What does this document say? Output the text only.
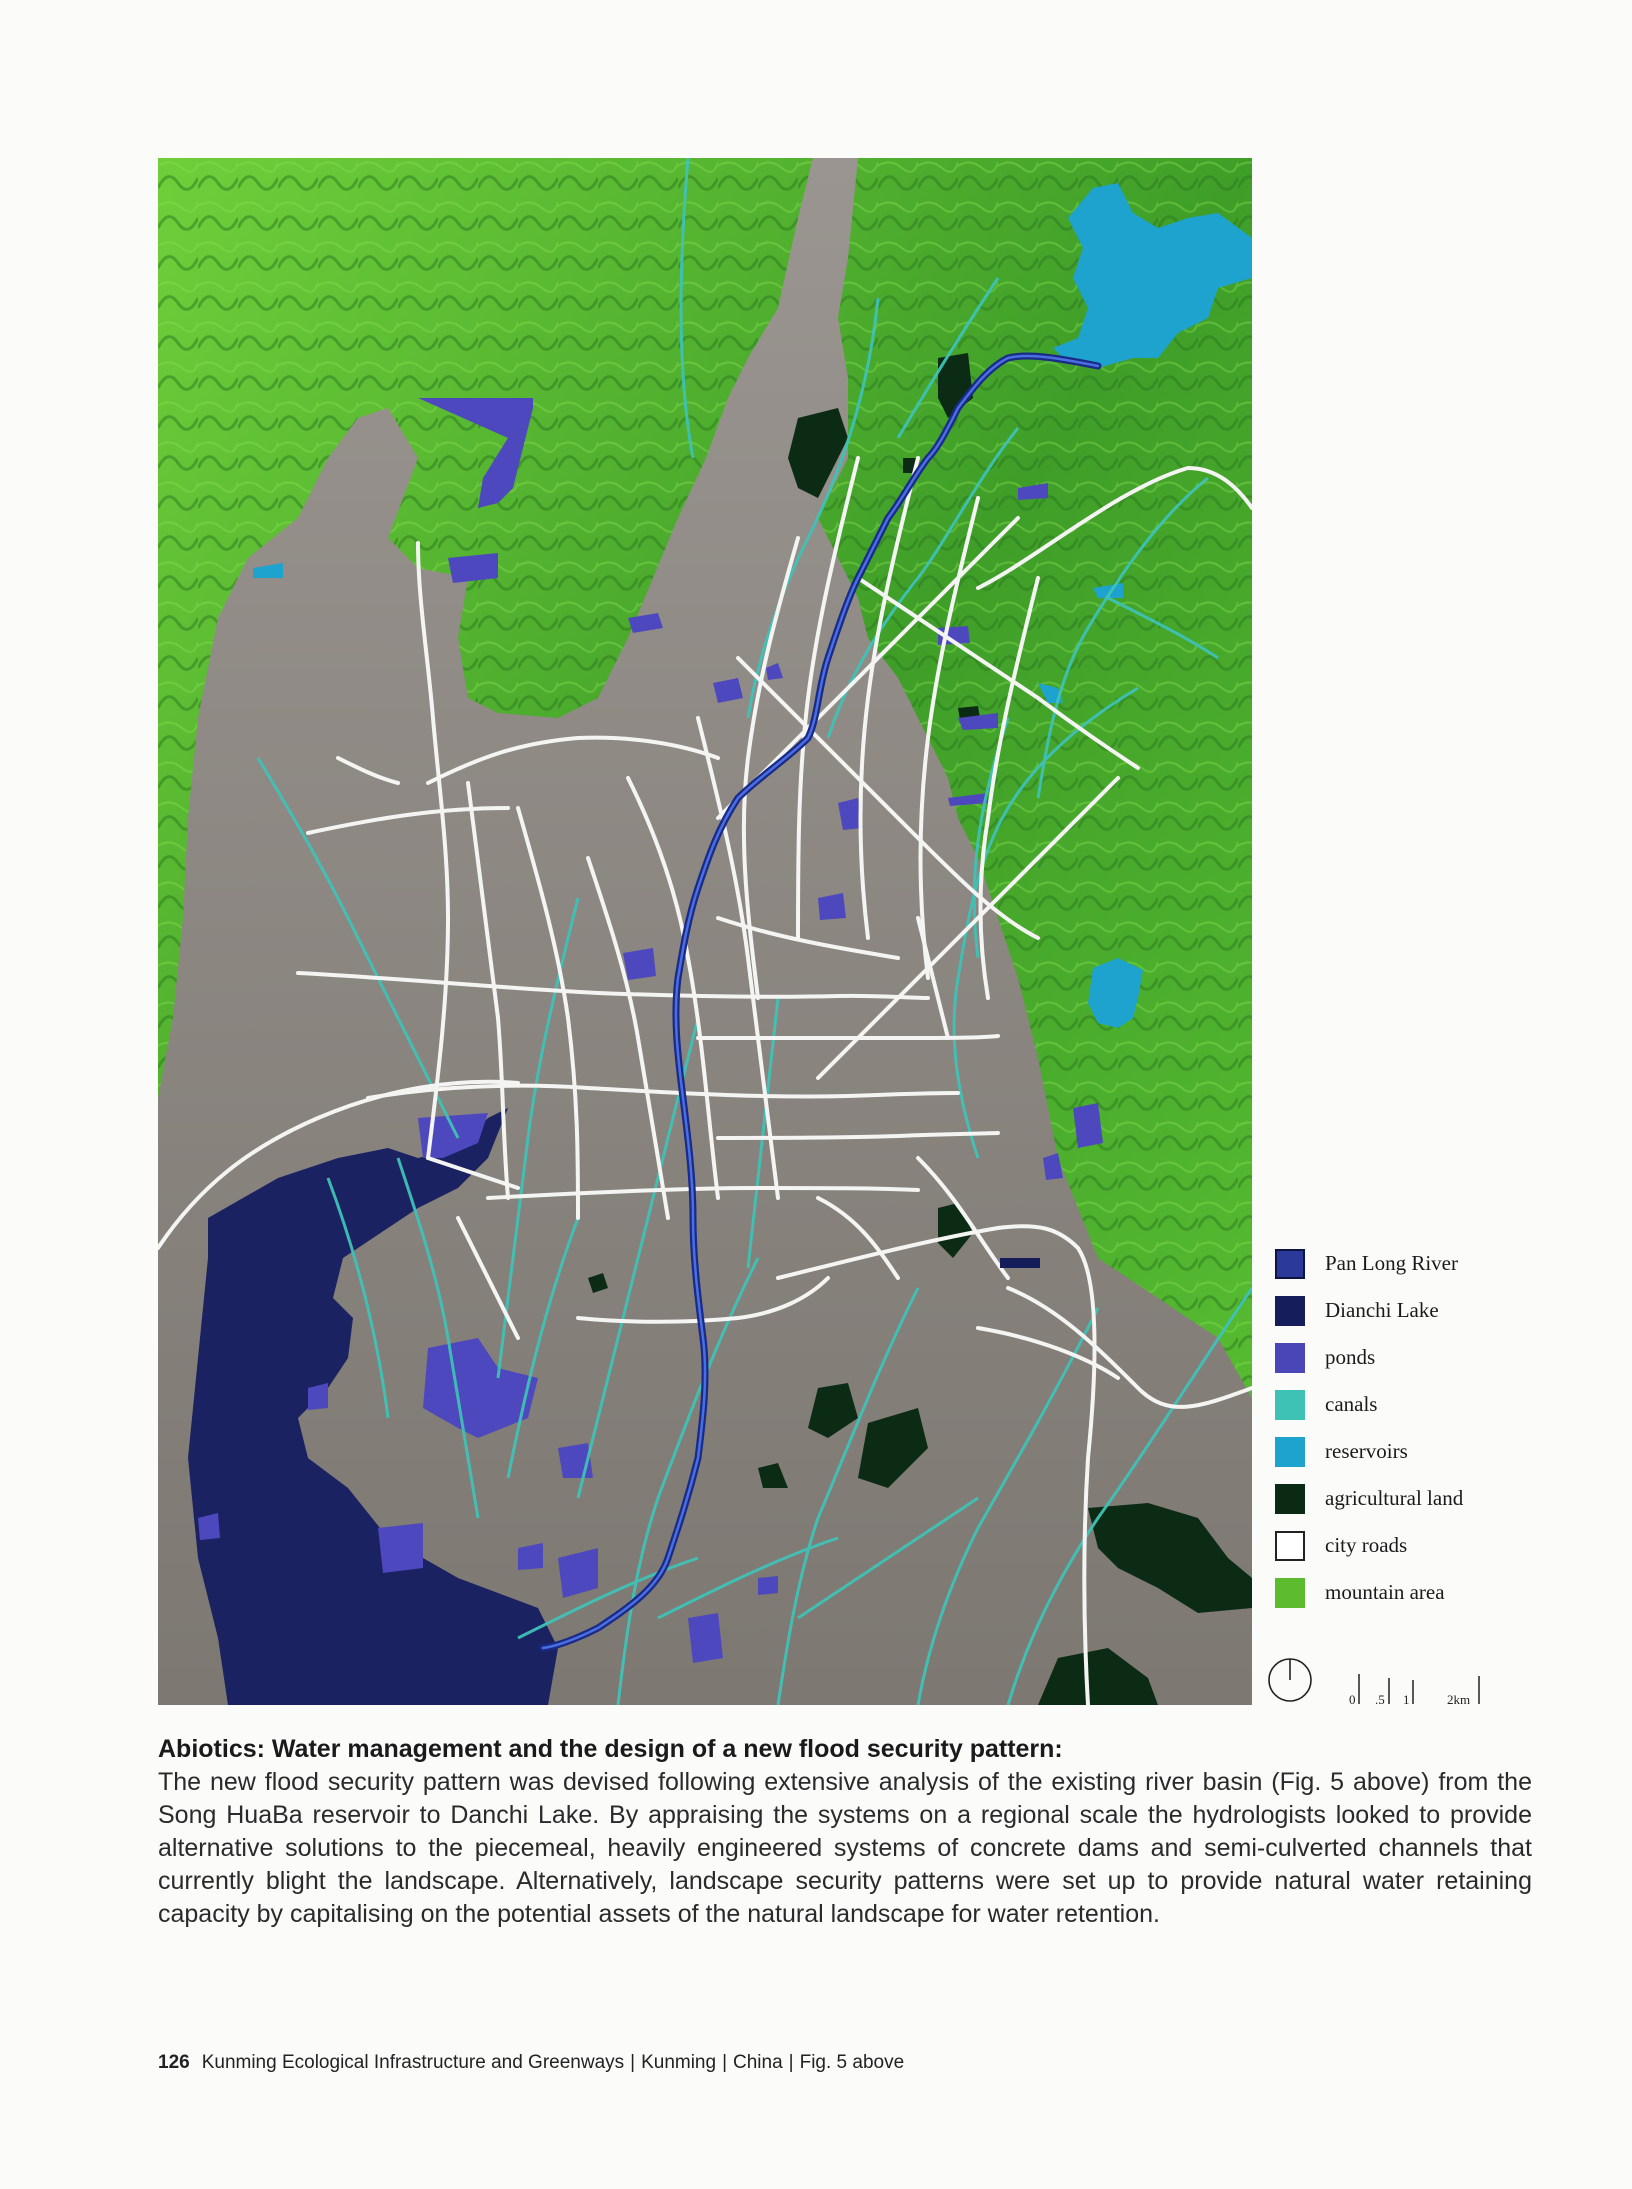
Pan Long River
Dianchi Lake
ponds
canals
reservoirs
agricultural land
city roads
mountain area
0 .5 1	2km

Abiotics: Water management and the design of a new flood security pattern:

The new flood security pattern was devised following extensive analysis of the existing river basin (Fig. 5 above) from the Song HuaBa reservoir to Danchi Lake. By appraising the systems on a regional scale the hydrologists looked to provide alternative solutions to the piecemeal, heavily engineered systems of concrete dams and semi-culverted channels that currently blight the landscape. Alternatively, landscape security patterns were set up to provide natural water retaining capacity by capitalising on the potential assets of the natural landscape for water retention.

126 Kunming Ecological Infrastructure and Greenways | Kunming | China | Fig. 5 above
